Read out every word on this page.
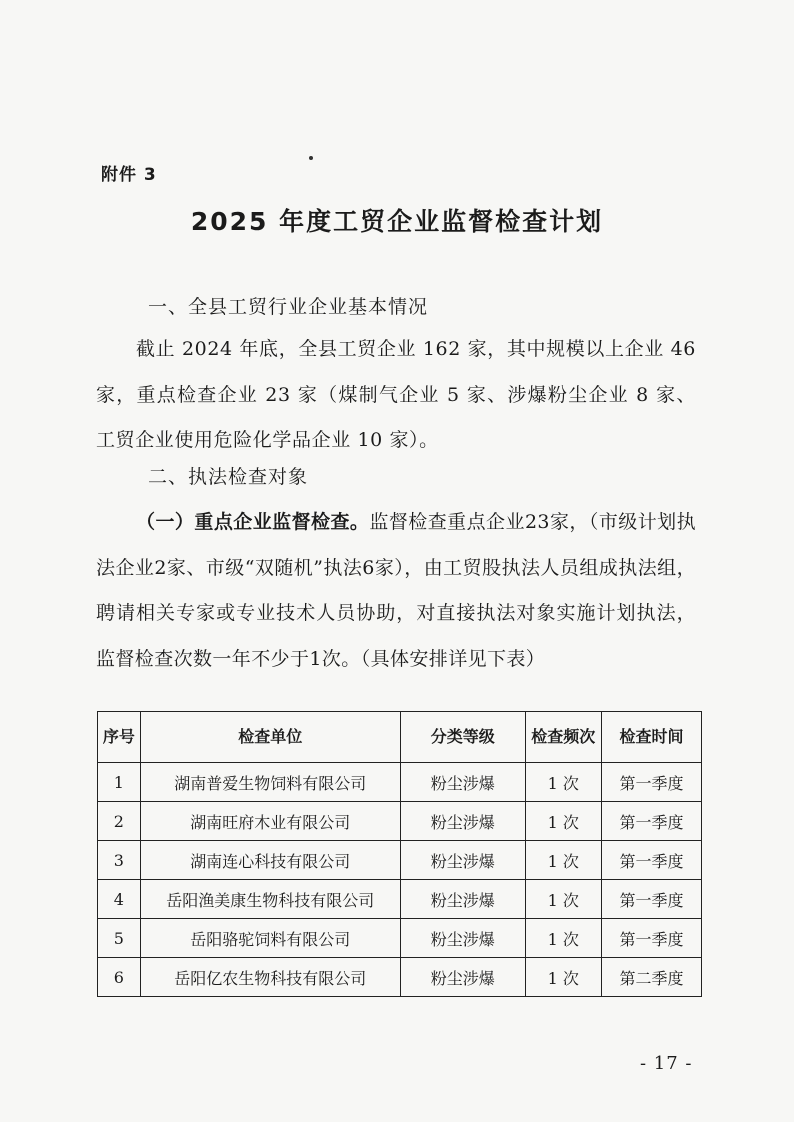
附件 3
2025 年度工贸企业监督检查计划
一、全县工贸行业企业基本情况
截止 2024 年底，全县工贸企业 162 家，其中规模以上企业 46 家，重点检查企业 23 家（煤制气企业 5 家、涉爆粉尘企业 8 家、工贸企业使用危险化学品企业 10 家）。
二、执法检查对象
（一）重点企业监督检查。监督检查重点企业23家，（市级计划执法企业2家、市级“双随机”执法6家），由工贸股执法人员组成执法组，聘请相关专家或专业技术人员协助，对直接执法对象实施计划执法，监督检查次数一年不少于1次。（具体安排详见下表）
序号	检查单位	分类等级	检查频次	检查时间
1	湖南普爱生物饲料有限公司	粉尘涉爆	1 次	第一季度
2	湖南旺府木业有限公司	粉尘涉爆	1 次	第一季度
3	湖南连心科技有限公司	粉尘涉爆	1 次	第一季度
4	岳阳渔美康生物科技有限公司	粉尘涉爆	1 次	第一季度
5	岳阳骆驼饲料有限公司	粉尘涉爆	1 次	第一季度
6	岳阳亿农生物科技有限公司	粉尘涉爆	1 次	第二季度
- 17 -
